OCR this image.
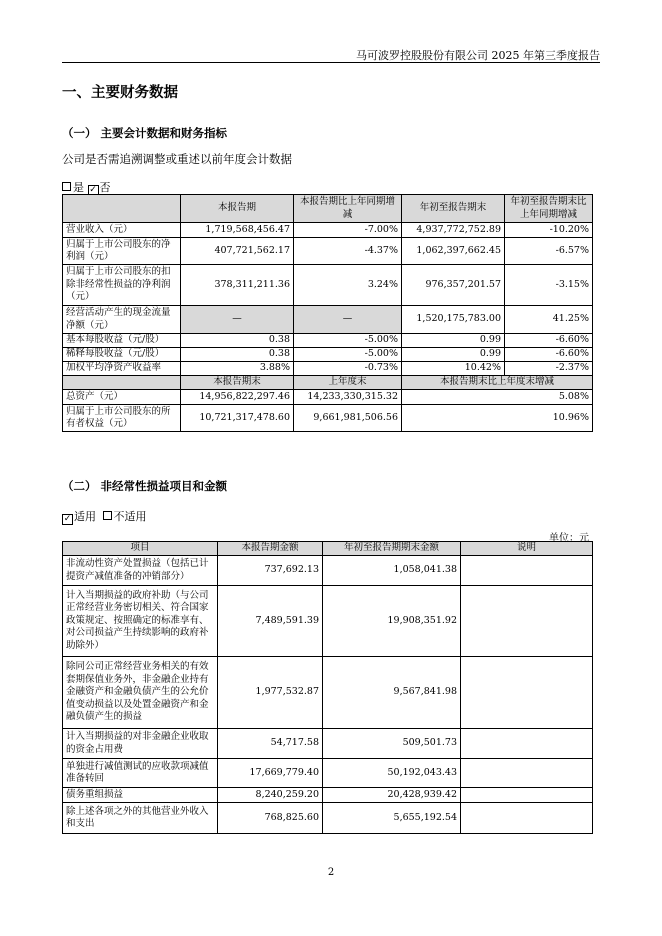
马可波罗控股股份有限公司 2025 年第三季度报告
一、主要财务数据
（一） 主要会计数据和财务指标
公司是否需追溯调整或重述以前年度会计数据
是 ✓ 否
	本报告期	本报告期比上年同期增减	年初至报告期末	年初至报告期末比上年同期增减
营业收入（元）	1,719,568,456.47	-7.00%	4,937,772,752.89	-10.20%
归属于上市公司股东的净利润（元）	407,721,562.17	-4.37%	1,062,397,662.45	-6.57%
归属于上市公司股东的扣除非经常性损益的净利润（元）	378,311,211.36	3.24%	976,357,201.57	-3.15%
经营活动产生的现金流量净额（元）	—	—	1,520,175,783.00	41.25%
基本每股收益（元/股）	0.38	-5.00%	0.99	-6.60%
稀释每股收益（元/股）	0.38	-5.00%	0.99	-6.60%
加权平均净资产收益率	3.88%	-0.73%	10.42%	-2.37%
	本报告期末	上年度末	本报告期末比上年度末增减	
总资产（元）	14,956,822,297.46	14,233,330,315.32	5.08%	
归属于上市公司股东的所有者权益（元）	10,721,317,478.60	9,661,981,506.56	10.96%	
（二） 非经常性损益项目和金额
✓ 适用 不适用
单位：元
项目	本报告期金额	年初至报告期期末金额	说明
非流动性资产处置损益（包括已计提资产减值准备的冲销部分）	737,692.13	1,058,041.38	
计入当期损益的政府补助（与公司正常经营业务密切相关、符合国家政策规定、按照确定的标准享有、对公司损益产生持续影响的政府补助除外）	7,489,591.39	19,908,351.92	
除同公司正常经营业务相关的有效套期保值业务外，非金融企业持有金融资产和金融负债产生的公允价值变动损益以及处置金融资产和金融负债产生的损益	1,977,532.87	9,567,841.98	
计入当期损益的对非金融企业收取的资金占用费	54,717.58	509,501.73	
单独进行减值测试的应收款项减值准备转回	17,669,779.40	50,192,043.43	
债务重组损益	8,240,259.20	20,428,939.42	
除上述各项之外的其他营业外收入和支出	768,825.60	5,655,192.54	
2
